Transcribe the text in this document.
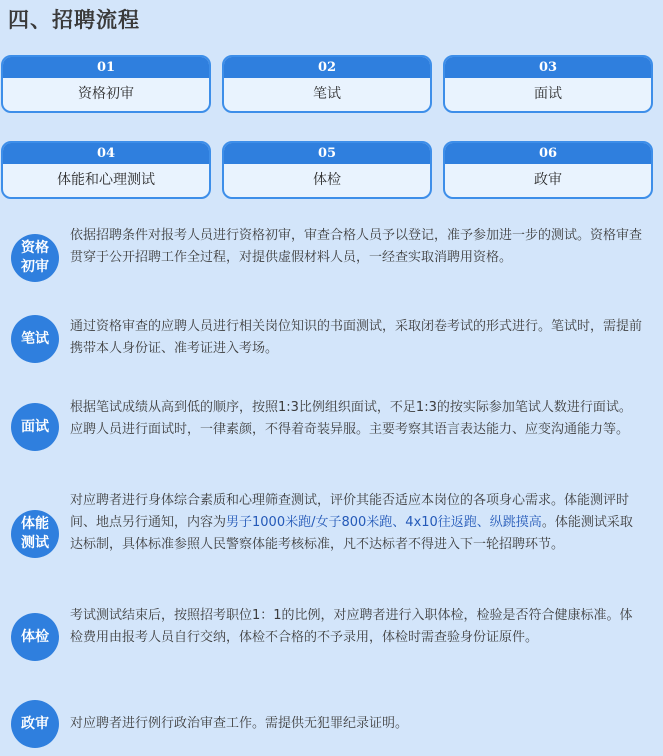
四、招聘流程
01
资格初审
02
笔试
03
面试
04
体能和心理测试
05
体检
06
政审
资格初审
依据招聘条件对报考人员进行资格初审，审查合格人员予以登记，准予参加进一步的测试。资格审查贯穿于公开招聘工作全过程，对提供虚假材料人员，一经查实取消聘用资格。
笔试
通过资格审查的应聘人员进行相关岗位知识的书面测试，采取闭卷考试的形式进行。笔试时，需提前携带本人身份证、准考证进入考场。
面试
根据笔试成绩从高到低的顺序，按照1:3比例组织面试，不足1:3的按实际参加笔试人数进行面试。应聘人员进行面试时，一律素颜，不得着奇装异服。主要考察其语言表达能力、应变沟通能力等。
体能测试
对应聘者进行身体综合素质和心理筛查测试，评价其能否适应本岗位的各项身心需求。体能测评时间、地点另行通知，内容为男子1000米跑/女子800米跑、4x10往返跑、纵跳摸高。体能测试采取达标制，具体标准参照人民警察体能考核标准，凡不达标者不得进入下一轮招聘环节。
体检
考试测试结束后，按照招考职位1：1的比例，对应聘者进行入职体检，检验是否符合健康标准。体检费用由报考人员自行交纳，体检不合格的不予录用，体检时需查验身份证原件。
政审	对应聘者进行例行政治审查工作。需提供无犯罪纪录证明。
